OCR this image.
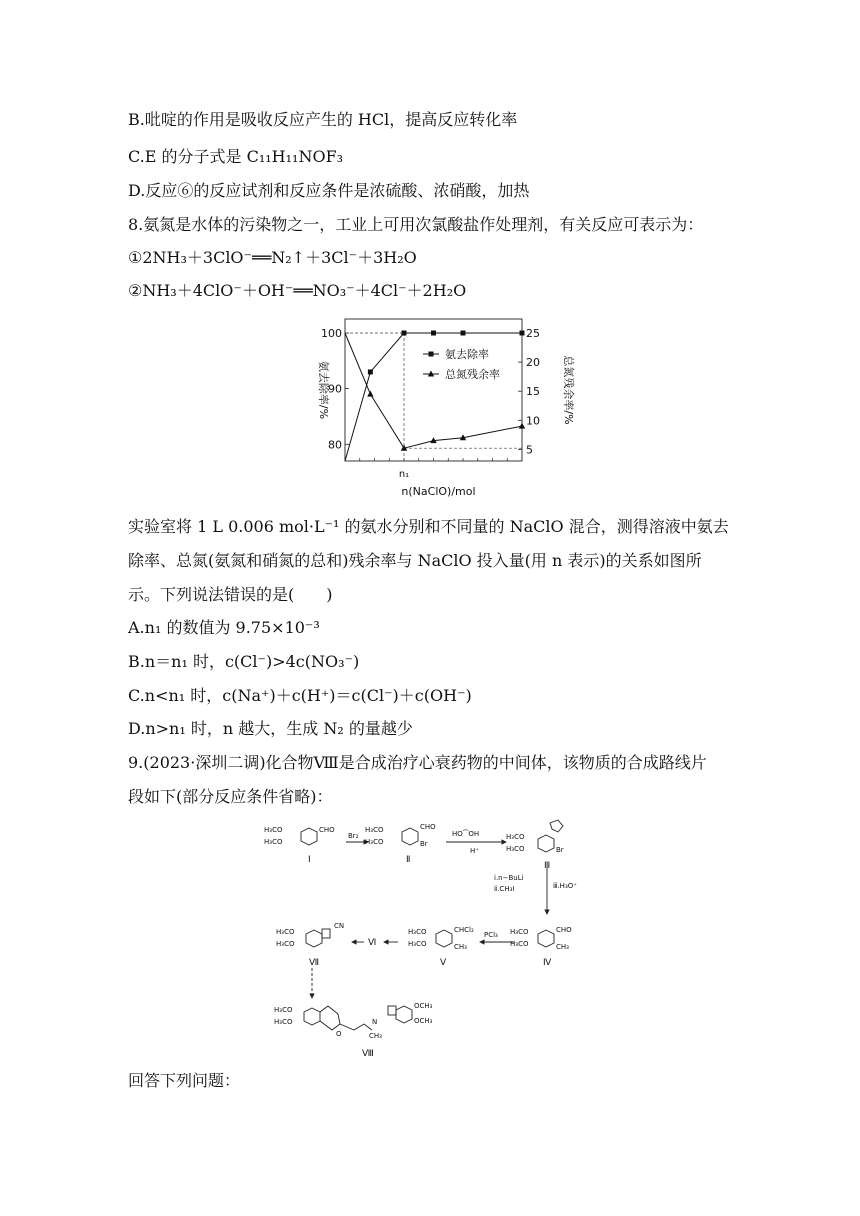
B.吡啶的作用是吸收反应产生的 HCl，提高反应转化率
C.E 的分子式是 C₁₁H₁₁NOF₃
D.反应⑥的反应试剂和反应条件是浓硫酸、浓硝酸，加热
8.氨氮是水体的污染物之一，工业上可用次氯酸盐作处理剂，有关反应可表示为：
①2NH₃＋3ClO⁻══N₂↑＋3Cl⁻＋3H₂O
②NH₃＋4ClO⁻＋OH⁻══NO₃⁻＋4Cl⁻＋2H₂O
100
90
80
25
20
15
10
5
氨去除率
总氮残余率
n(NaClO)/mol
n₁
氨去除率/%	总氮残余率/%
实验室将 1 L 0.006 mol·L⁻¹ 的氨水分别和不同量的 NaClO 混合，测得溶液中氨去
除率、总氮(氨氮和硝氮的总和)残余率与 NaClO 投入量(用 n 表示)的关系如图所
示。下列说法错误的是(　　)
A.n₁ 的数值为 9.75×10⁻³
B.n＝n₁ 时，c(Cl⁻)>4c(NO₃⁻)
C.n<n₁ 时，c(Na⁺)＋c(H⁺)＝c(Cl⁻)＋c(OH⁻)
D.n>n₁ 时，n 越大，生成 N₂ 的量越少
9.(2023·深圳二调)化合物Ⅷ是合成治疗心衰药物的中间体，该物质的合成路线片
段如下(部分反应条件省略)：
H₃CO
H₃CO
CHO
Br₂
H₃CO
H₃CO
CHO
Br
HO⁀OH
H⁺
H₃CO
H₃CO	Br
ⅰ.n−BuLi
ⅱ.CH₃I	ⅲ.H₃O⁺
H₃CO
H₃CO
CHO
CH₃
H₃CO
H₃CO
CHCl₂
CH₃
PCl₃
Ⅵ
H₃CO
H₃CO
CN
H₃CO
H₃CO
O
N
CH₃
OCH₃
OCH₃
Ⅰ	Ⅱ
Ⅲ
Ⅳ
Ⅴ
Ⅶ
Ⅷ
回答下列问题：
